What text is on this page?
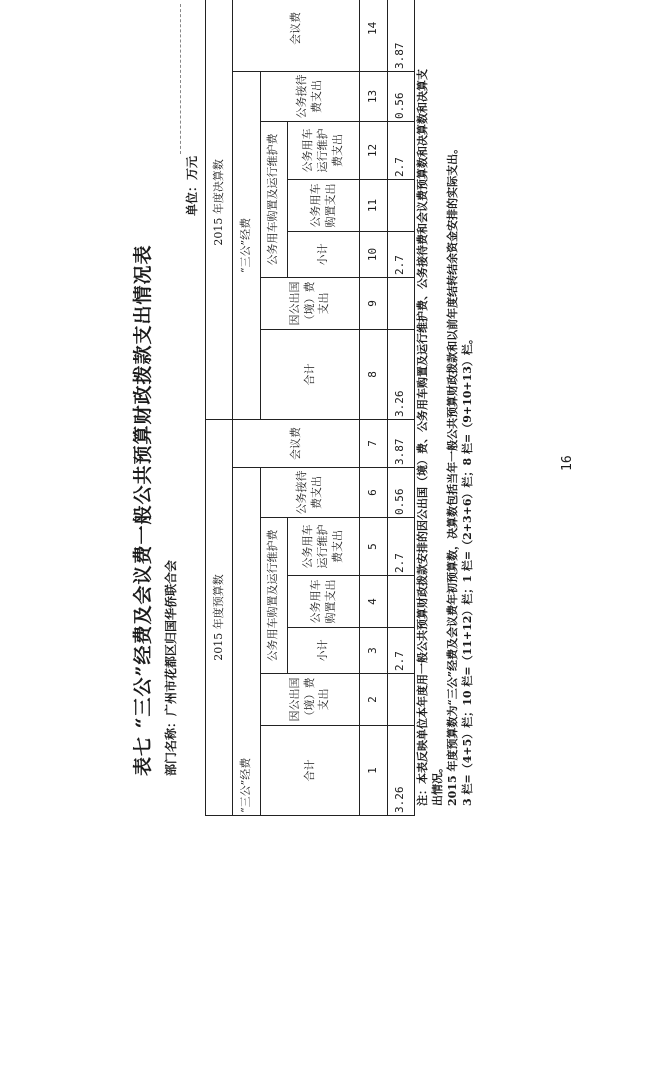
表七 “三公”经费及会议费一般公共预算财政拨款支出情况表 部门名称：广州市花都区归国华侨联合会
单位：万元
2015 年度预算数							2015 年度决算数						
“三公”经费						会议费	“三公”经费						会议费
合计	因公出国（境）费支出	公务用车购置及运行维护费			公务接待费支出		合计	因公出国（境）费支出	公务用车购置及运行维护费			公务接待费支出	
		小计	公务用车购置支出	公务用车运行维护费支出					小计	公务用车购置支出	公务用车运行维护费支出		
1	2	3	4	5	6	7	8	9	10	11	12	13	14
3.26		2.7		2.7	0.56	3.87	3.26		2.7		2.7	0.56	3.87
注：本表反映单位本年度用一般公共预算财政拨款安排的因公出国（境）费、公务用车购置及运行维护费、公务接待费和会议费预算数和决算数和决算支出情况。 2015 年度预算数为“三公”经费及会议费年初预算数，决算数包括当年一般公共预算财政拨款和以前年度结转结余资金安排的实际支出。 3 栏=（4+5）栏；10 栏=（11+12）栏；1 栏=（2+3+6）栏；8 栏=（9+10+13）栏。	16
